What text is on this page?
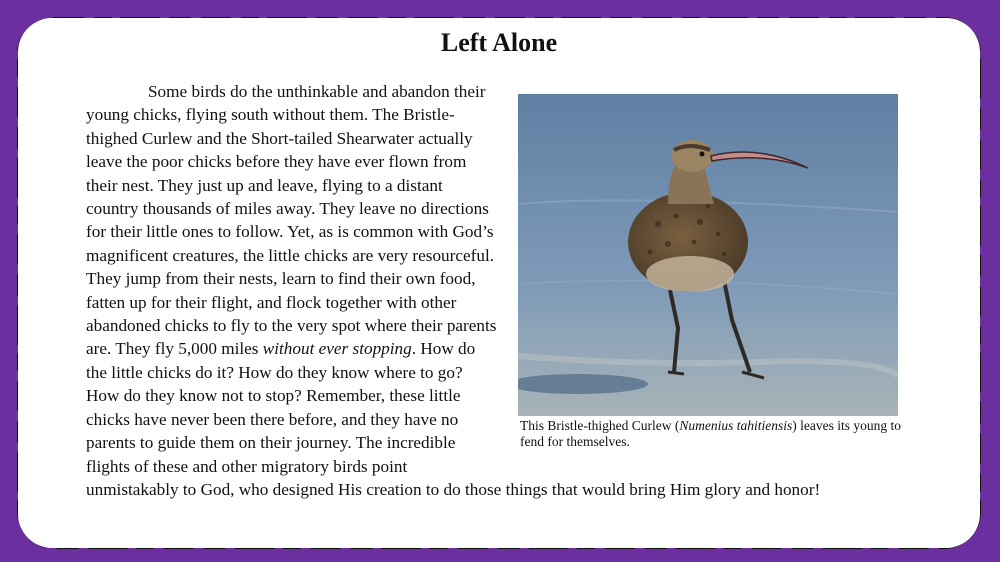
Left Alone

Some birds do the unthinkable and abandon their young chicks, flying south without them. The Bristle-thighed Curlew and the Short-tailed Shearwater actually leave the poor chicks before they have ever flown from their nest. They just up and leave, flying to a distant country thousands of miles away. They leave no directions for their little ones to follow. Yet, as is common with God’s magnificent creatures, the little chicks are very resourceful. They jump from their nests, learn to find their own food, fatten up for their flight, and flock together with other abandoned chicks to fly to the very spot where their parents are. They fly 5,000 miles without ever stopping. How do the little chicks do it? How do they know where to go? How do they know not to stop? Remember, these little chicks have never been there before, and they have no parents to guide them on their journey. The incredible flights of these and other migratory birds point unmistakably to God, who designed His creation to do those things that would bring Him glory and honor!

This Bristle-thighed Curlew (Numenius tahitiensis) leaves its young to fend for themselves.
